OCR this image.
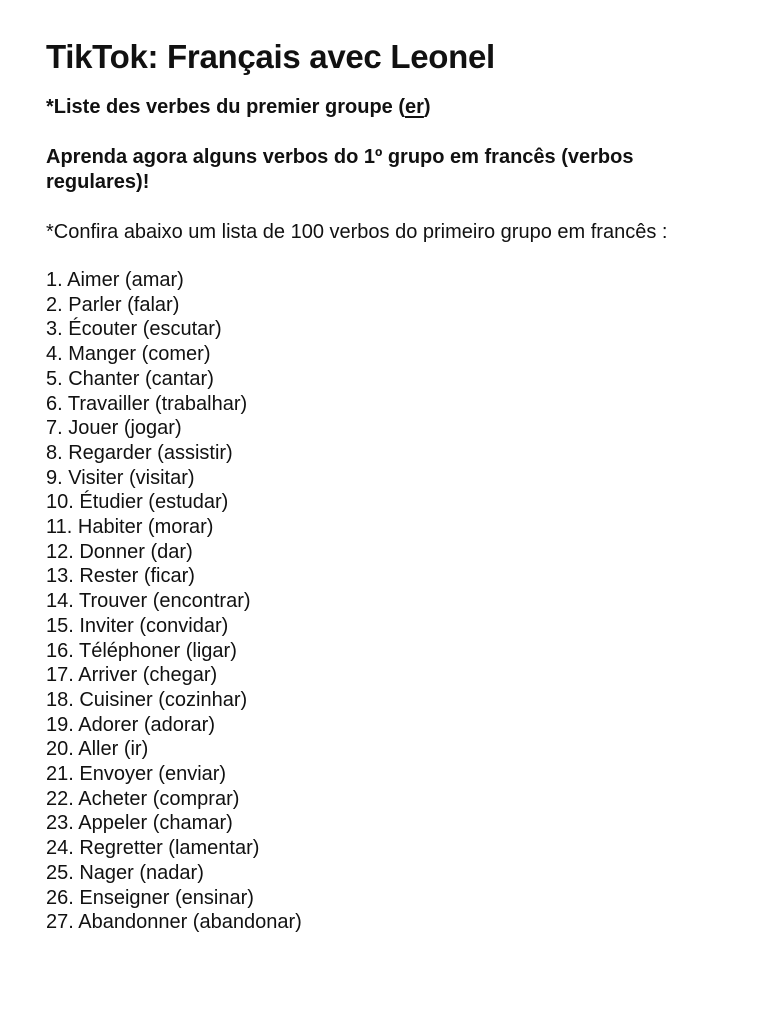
TikTok: Français avec Leonel

*Liste des verbes du premier groupe (er)

Aprenda agora alguns verbos do 1º grupo em francês (verbos regulares)!

*Confira abaixo um lista de 100 verbos do primeiro grupo em francês :

1. Aimer (amar)
2. Parler (falar)
3. Écouter (escutar)
4. Manger (comer)
5. Chanter (cantar)
6. Travailler (trabalhar)
7. Jouer (jogar)
8. Regarder (assistir)
9. Visiter (visitar)
10. Étudier (estudar)
11. Habiter (morar)
12. Donner (dar)
13. Rester (ficar)
14. Trouver (encontrar)
15. Inviter (convidar)
16. Téléphoner (ligar)
17. Arriver (chegar)
18. Cuisiner (cozinhar)
19. Adorer (adorar)
20. Aller (ir)
21. Envoyer (enviar)
22. Acheter (comprar)
23. Appeler (chamar)
24. Regretter (lamentar)
25. Nager (nadar)
26. Enseigner (ensinar)
27. Abandonner (abandonar)
